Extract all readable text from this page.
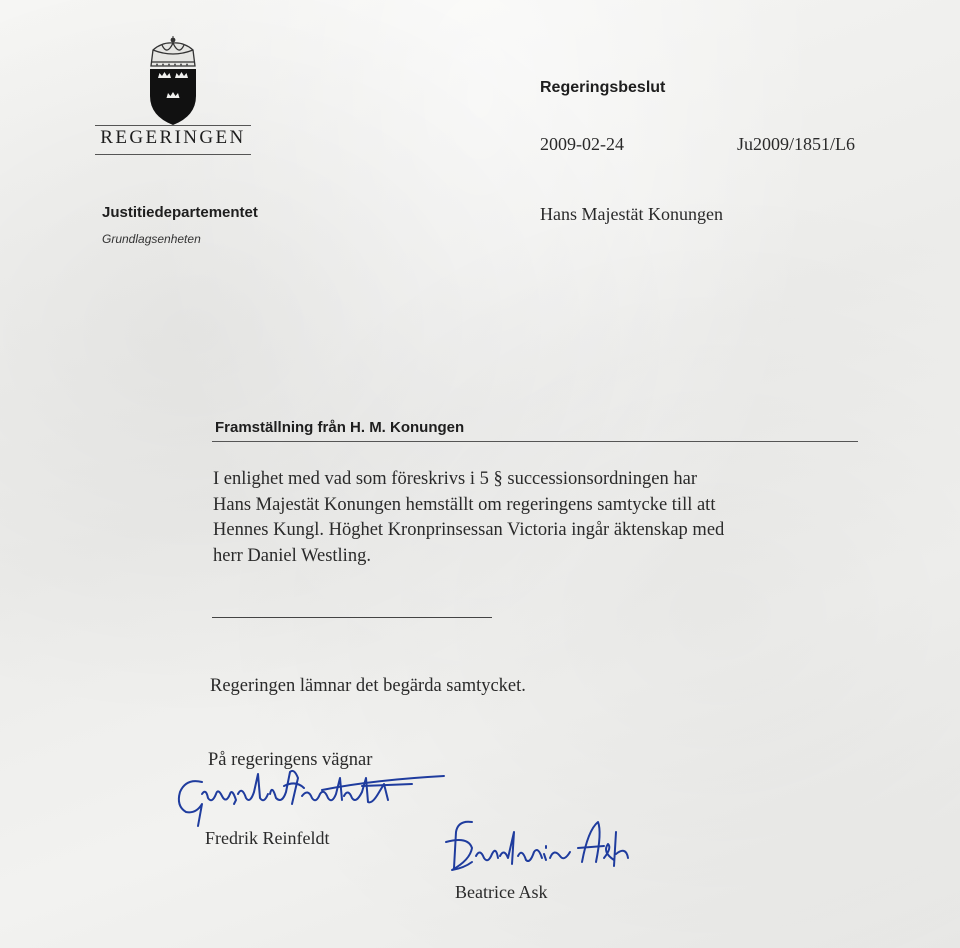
REGERINGEN
Justitiedepartementet
Grundlagsenheten
Regeringsbeslut
2009-02-24	Ju2009/1851/L6
Hans Majestät Konungen
Framställning från H. M. Konungen
I enlighet med vad som föreskrivs i 5 § successionsordningen har
Hans Majestät Konungen hemställt om regeringens samtycke till att
Hennes Kungl. Höghet Kronprinsessan Victoria ingår äktenskap med
herr Daniel Westling.
Regeringen lämnar det begärda samtycket.
På regeringens vägnar
Fredrik Reinfeldt
Beatrice Ask
